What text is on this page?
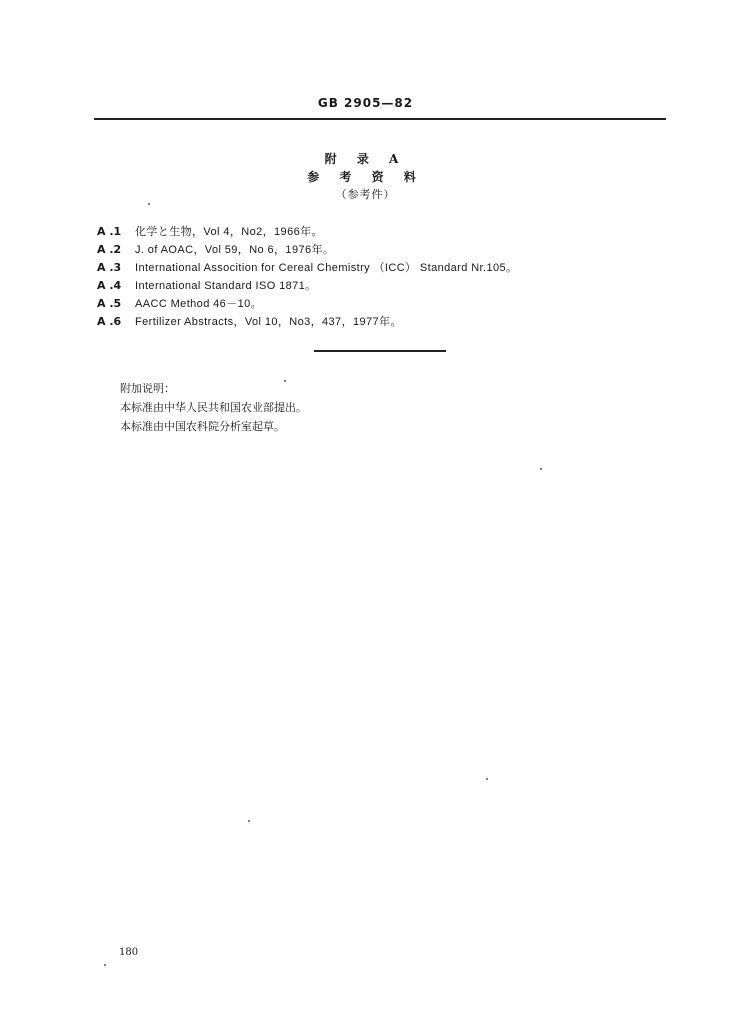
GB 2905—82
附 录 A
参 考 资 料
（参考件）
A .1	化学と生物，Vol 4，No2，1966年。
A .2	J. of AOAC，Vol 59，No 6，1976年。
A .3	International Assocition for Cereal Chemistry （ICC） Standard Nr.105。
A .4	International Standard ISO 1871。
A .5	AACC Method 46－10。
A .6	Fertilizer Abstracts，Vol 10，No3，437，1977年。
附加说明：
本标准由中华人民共和国农业部提出。
本标准由中国农科院分析室起草。
180
